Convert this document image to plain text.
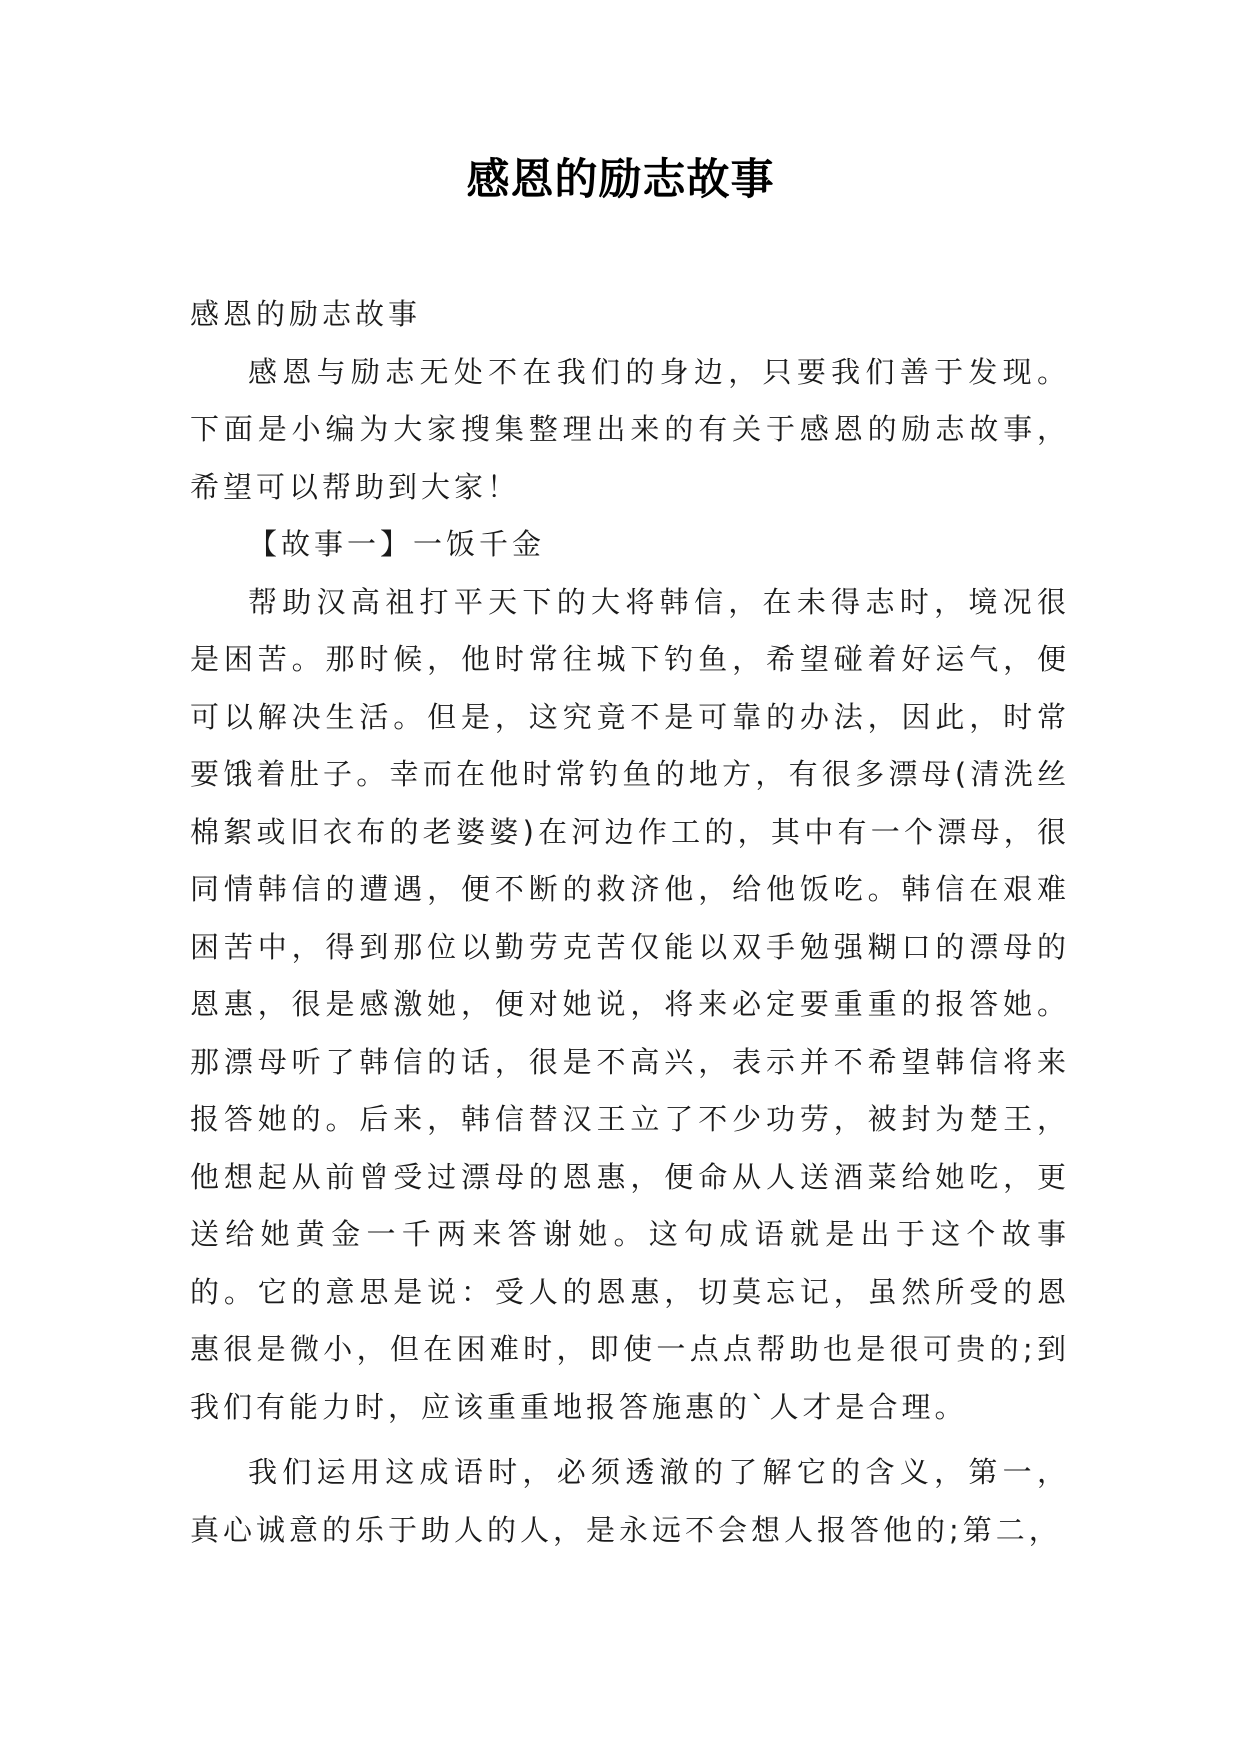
感恩的励志故事

感恩的励志故事

感恩与励志无处不在我们的身边，只要我们善于发现。下面是小编为大家搜集整理出来的有关于感恩的励志故事，希望可以帮助到大家！

【故事一】一饭千金

帮助汉高祖打平天下的大将韩信，在未得志时，境况很是困苦。那时候，他时常往城下钓鱼，希望碰着好运气，便可以解决生活。但是，这究竟不是可靠的办法，因此，时常要饿着肚子。幸而在他时常钓鱼的地方，有很多漂母(清洗丝棉絮或旧衣布的老婆婆)在河边作工的，其中有一个漂母，很同情韩信的遭遇，便不断的救济他，给他饭吃。韩信在艰难困苦中，得到那位以勤劳克苦仅能以双手勉强糊口的漂母的恩惠，很是感激她，便对她说，将来必定要重重的报答她。那漂母听了韩信的话，很是不高兴，表示并不希望韩信将来报答她的。后来，韩信替汉王立了不少功劳，被封为楚王，他想起从前曾受过漂母的恩惠，便命从人送酒菜给她吃，更送给她黄金一千两来答谢她。这句成语就是出于这个故事的。它的意思是说：受人的恩惠，切莫忘记，虽然所受的恩惠很是微小，但在困难时，即使一点点帮助也是很可贵的;到我们有能力时，应该重重地报答施惠的`人才是合理。

我们运用这成语时，必须透澈的了解它的含义，第一，真心诚意的乐于助人的人，是永远不会想人报答他的;第二，
